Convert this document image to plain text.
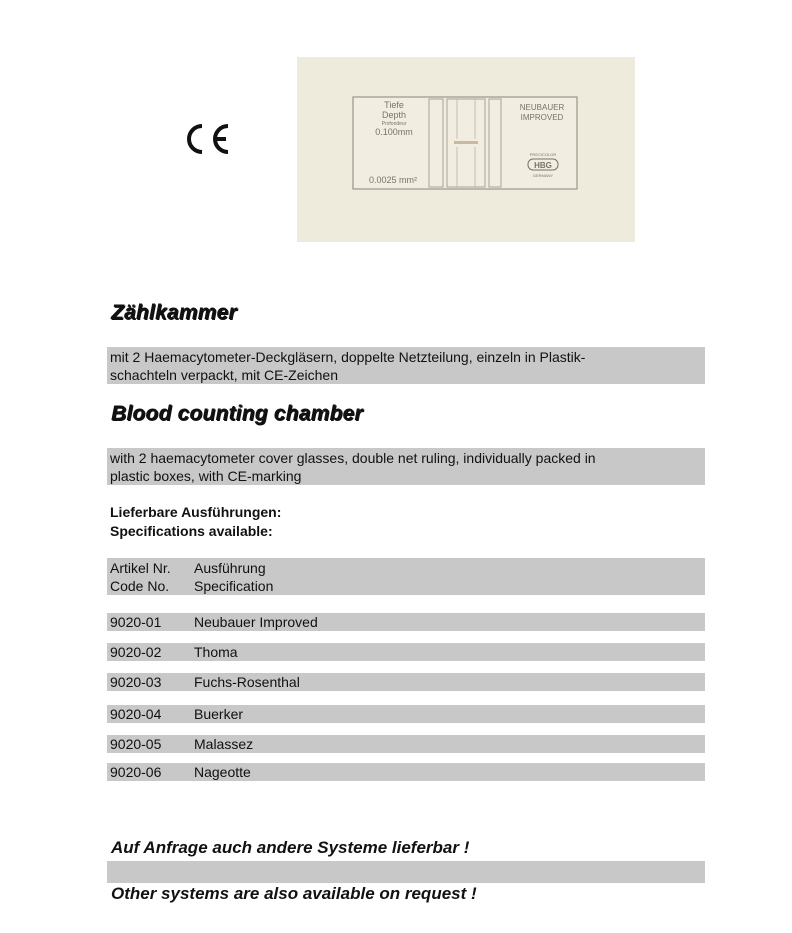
Tiefe
Depth
Profondeur
0.100mm
0.0025 mm²
NEUBAUER
IMPROVED
PRECICOLOR
HBG
GERMANY
Zählkammer
mit 2 Haemacytometer-Deckgläsern, doppelte Netzteilung, einzeln in Plastik-
schachteln verpackt, mit CE-Zeichen
Blood counting chamber
with 2 haemacytometer cover glasses, double net ruling, individually packed in
plastic boxes, with CE-marking
Lieferbare Ausführungen:
Specifications available:
Artikel Nr.
Code No.
Ausführung
Specification
9020-01 Neubauer Improved
9020-02 Thoma
9020-03 Fuchs-Rosenthal
9020-04 Buerker
9020-05 Malassez
9020-06 Nageotte
Auf Anfrage auch andere Systeme lieferbar !
Other systems are also available on request !
